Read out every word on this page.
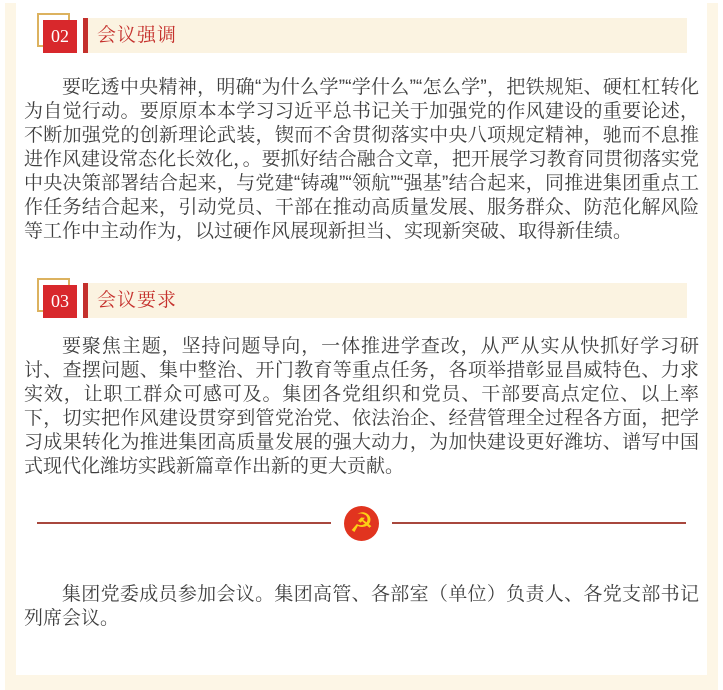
会议强调
02

要吃透中央精神，明确“为什么学”“学什么”“怎么学”，把铁规矩、硬杠杠转化为自觉行动。要原原本本学习习近平总书记关于加强党的作风建设的重要论述，不断加强党的创新理论武装，锲而不舍贯彻落实中央八项规定精神，驰而不息推进作风建设常态化长效化，。要抓好结合融合文章，把开展学习教育同贯彻落实党中央决策部署结合起来，与党建“铸魂”“领航”“强基”结合起来，同推进集团重点工作任务结合起来，引动党员、干部在推动高质量发展、服务群众、防范化解风险等工作中主动作为，以过硬作风展现新担当、实现新突破、取得新佳绩。

会议要求
03

要聚焦主题，坚持问题导向，一体推进学查改，从严从实从快抓好学习研讨、查摆问题、集中整治、开门教育等重点任务，各项举措彰显昌威特色、力求实效，让职工群众可感可及。集团各党组织和党员、干部要高点定位、以上率下，切实把作风建设贯穿到管党治党、依法治企、经营管理全过程各方面，把学习成果转化为推进集团高质量发展的强大动力，为加快建设更好潍坊、谱写中国式现代化潍坊实践新篇章作出新的更大贡献。

☭

集团党委成员参加会议。集团高管、各部室（单位）负责人、各党支部书记列席会议。
